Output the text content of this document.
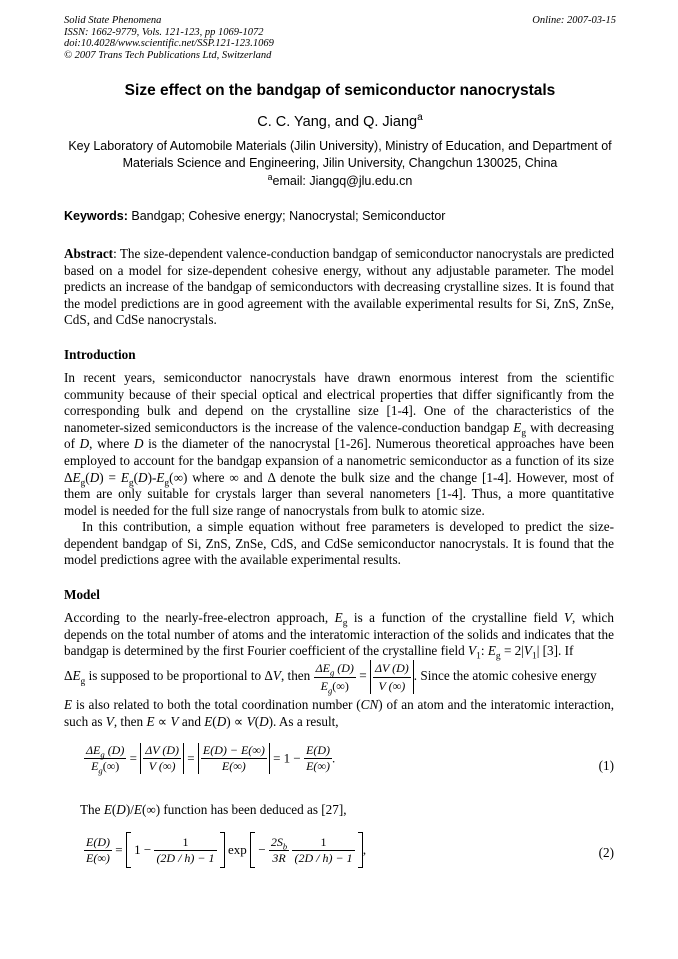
Solid State Phenomena
ISSN: 1662-9779, Vols. 121-123, pp 1069-1072
doi:10.4028/www.scientific.net/SSP.121-123.1069
© 2007 Trans Tech Publications Ltd, Switzerland
Online: 2007-03-15
Size effect on the bandgap of semiconductor nanocrystals
C. C. Yang, and Q. Jiang$^a$
Key Laboratory of Automobile Materials (Jilin University), Ministry of Education, and Department of Materials Science and Engineering, Jilin University, Changchun 130025, China
$^a$email: Jiangq@jlu.edu.cn
Keywords: Bandgap; Cohesive energy; Nanocrystal; Semiconductor
Abstract: The size-dependent valence-conduction bandgap of semiconductor nanocrystals are predicted based on a model for size-dependent cohesive energy, without any adjustable parameter. The model predicts an increase of the bandgap of semiconductors with decreasing crystalline sizes. It is found that the model predictions are in good agreement with the available experimental results for Si, ZnS, ZnSe, CdS, and CdSe nanocrystals.
Introduction
In recent years, semiconductor nanocrystals have drawn enormous interest from the scientific community because of their special optical and electrical properties that differ significantly from the corresponding bulk and depend on the crystalline size [1-4]. One of the characteristics of the nanometer-sized semiconductors is the increase of the valence-conduction bandgap $E_g$ with decreasing of D, where D is the diameter of the nanocrystal [1-26]. Numerous theoretical approaches have been employed to account for the bandgap expansion of a nanometric semiconductor as a function of its size $\Delta E_g(D) = E_g(D)-E_g(\infty)$ where ∞ and Δ denote the bulk size and the change [1-4]. However, most of them are only suitable for crystals larger than several nanometers [1-4]. Thus, a more quantitative model is needed for the full size range of nanocrystals from bulk to atomic size.
In this contribution, a simple equation without free parameters is developed to predict the size-dependent bandgap of Si, ZnS, ZnSe, CdS, and CdSe semiconductor nanocrystals. It is found that the model predictions agree with the available experimental results.
Model
According to the nearly-free-electron approach, $E_g$ is a function of the crystalline field V, which depends on the total number of atoms and the interatomic interaction of the solids and indicates that the bandgap is determined by the first Fourier coefficient of the crystalline field $V_1$: $E_g = 2|V_1|$ [3]. If
$\Delta E_g$ is supposed to be proportional to ΔV, then $\frac{\Delta E_g (D)}{E_g(\infty)} = \frac{\Delta V (D)}{V (\infty)}$ . Since the atomic cohesive energy
E is also related to both the total coordination number (CN) of an atom and the interatomic interaction, such as V, then E ∝ V and E(D) ∝ V(D). As a result,
$\frac{\Delta E_g (D)}{E_g(\infty)} = \frac{\Delta V (D)}{V (\infty)} = \frac{E(D) - E(\infty)}{E(\infty)} = 1 - \frac{E(D)}{E(\infty)}$ .	(1)
The E(D)/E(∞) function has been deduced as [27],
$\frac{E(D)}{E(\infty)} = 1 - \frac{1}{(2D / h) - 1}$ $\exp - \frac{2S_b}{3R}$
$\frac{1}{(2D / h) - 1}$ ,	(2)
